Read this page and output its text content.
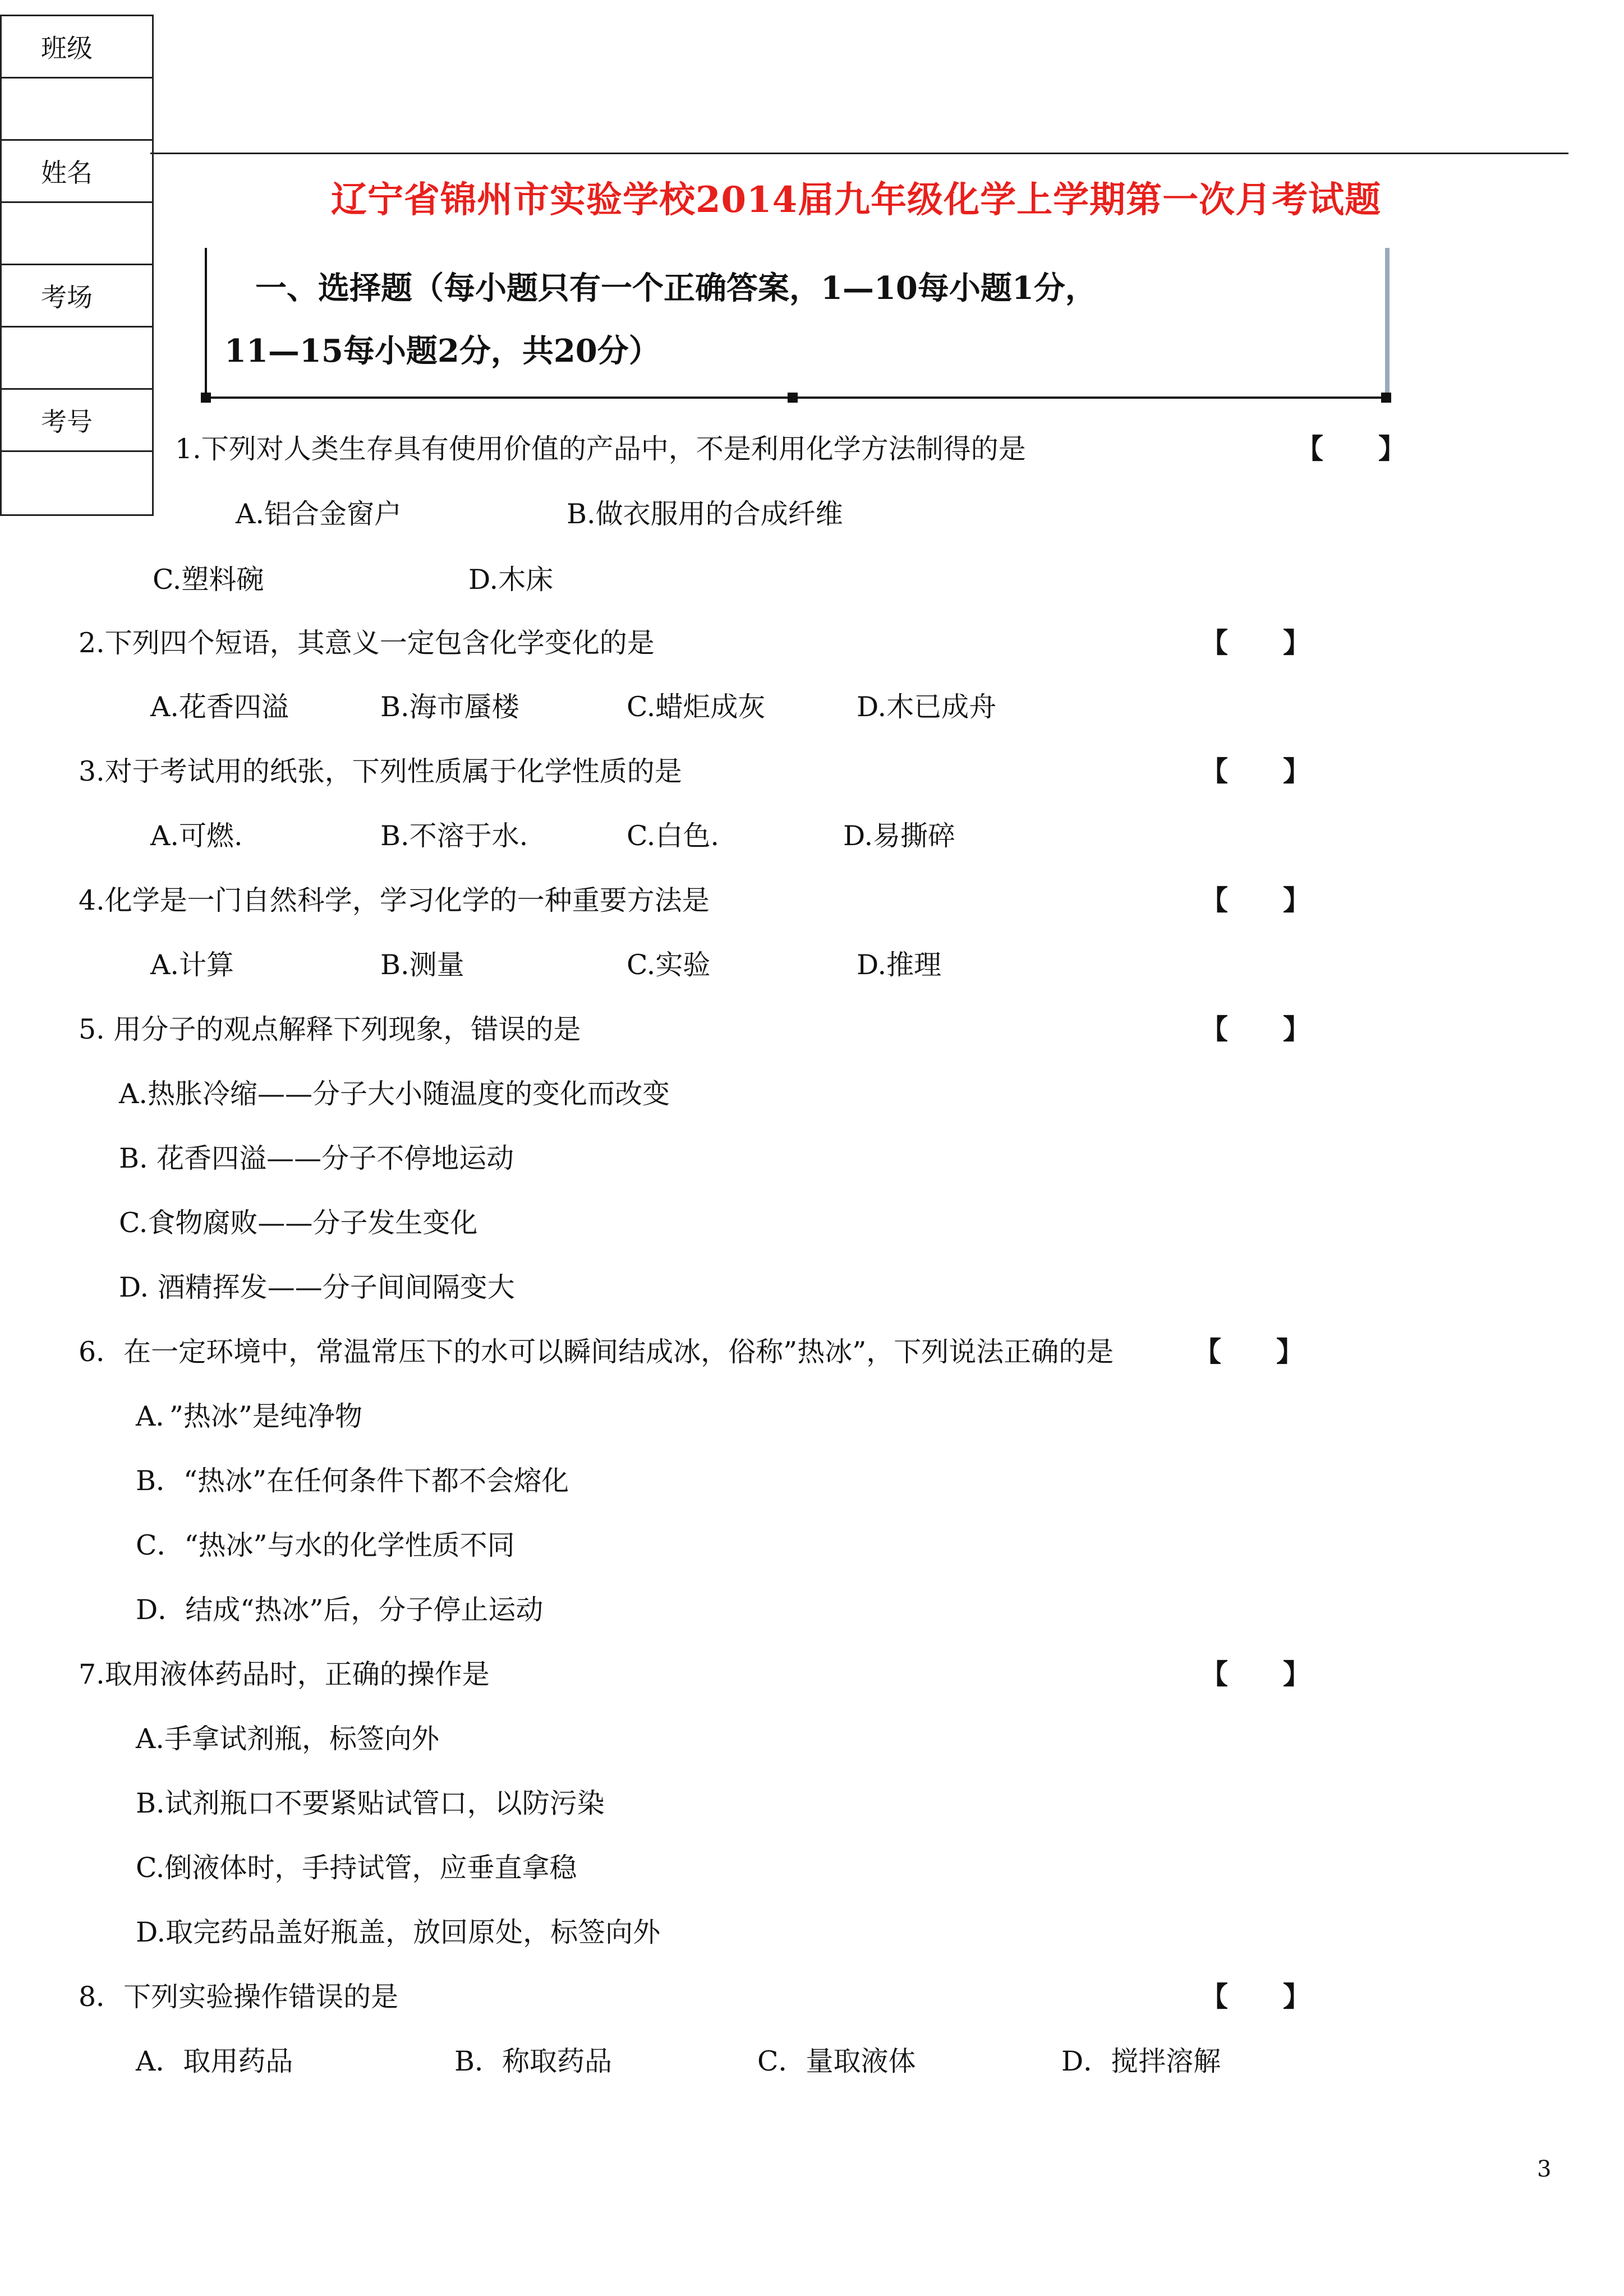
班级
姓名
考场
考号
辽宁省锦州市实验学校2014届九年级化学上学期第一次月考试题
一、选择题（每小题只有一个正确答案，1—10每小题1分，
11—15每小题2分，共20分）
1.下列对人类生存具有使用价值的产品中，不是利用化学方法制得的是	【　　】
A.铝合金窗户	B.做衣服用的合成纤维
C.塑料碗	D.木床
2.下列四个短语，其意义一定包含化学变化的是	【　　】
A.花香四溢	B.海市蜃楼	C.蜡炬成灰	D.木已成舟
3.对于考试用的纸张，下列性质属于化学性质的是	【　　】
A.可燃.	B.不溶于水.	C.白色.	D.易撕碎
4.化学是一门自然科学，学习化学的一种重要方法是	【　　】
A.计算	B.测量	C.实验	D.推理
5. 用分子的观点解释下列现象，错误的是	【　　】
A.热胀冷缩——分子大小随温度的变化而改变
B. 花香四溢——分子不停地运动
C.食物腐败——分子发生变化
D. 酒精挥发——分子间间隔变大
6．在一定环境中，常温常压下的水可以瞬间结成冰，俗称”热冰”，下列说法正确的是	【　　】
A．”热冰”是纯净物
B．“热冰”在任何条件下都不会熔化
C．“热冰”与水的化学性质不同
D．结成“热冰”后，分子停止运动
7.取用液体药品时，正确的操作是	【　　】
A.手拿试剂瓶，标签向外
B.试剂瓶口不要紧贴试管口，以防污染
C.倒液体时，手持试管，应垂直拿稳
D.取完药品盖好瓶盖，放回原处，标签向外
8．下列实验操作错误的是	【　　】
A．取用药品	B．称取药品	C．量取液体	D．搅拌溶解
3
